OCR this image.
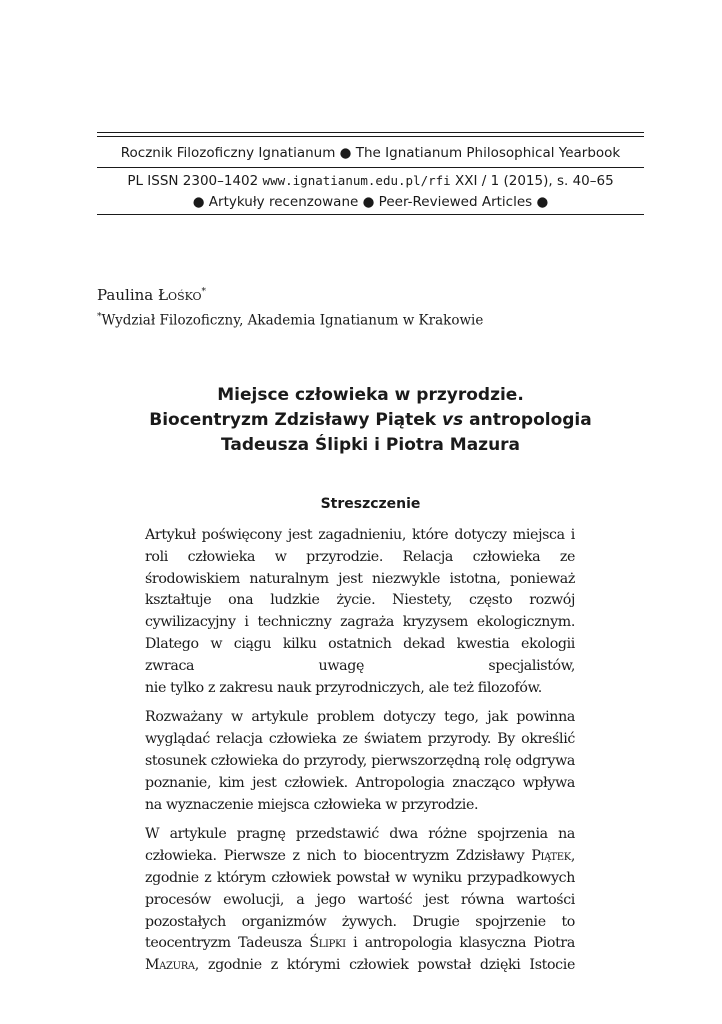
Rocznik Filozoficzny Ignatianum ● The Ignatianum Philosophical Yearbook
PL ISSN 2300–1402 www.ignatianum.edu.pl/rfi XXI / 1 (2015), s. 40–65
● Artykuły recenzowane ● Peer-Reviewed Articles ●
Paulina Łośko*
*Wydział Filozoficzny, Akademia Ignatianum w Krakowie
Miejsce człowieka w przyrodzie.
Biocentryzm Zdzisławy Piątek vs antropologia
Tadeusza Ślipki i Piotra Mazura
Streszczenie

Artykuł poświęcony jest zagadnieniu, które dotyczy miejsca i roli człowieka w przyrodzie. Relacja człowieka ze środowiskiem naturalnym jest niezwykle istotna, ponieważ kształtuje ona ludzkie życie. Niestety, często rozwój cywilizacyjny i techniczny zagraża kryzysem ekologicznym. Dlatego w ciągu kilku ostatnich dekad kwestia ekologii zwraca uwagę specjalistów,
nie tylko z zakresu nauk przyrodniczych, ale też filozofów.

Rozważany w artykule problem dotyczy tego, jak powinna wyglądać relacja człowieka ze światem przyrody. By określić stosunek człowieka do przyrody, pierwszorzędną rolę odgrywa poznanie, kim jest człowiek. Antropologia znacząco wpływa
na wyznaczenie miejsca człowieka w przyrodzie.

W artykule pragnę przedstawić dwa różne spojrzenia na człowieka. Pierwsze z nich to biocentryzm Zdzisławy Piątek, zgodnie z którym człowiek powstał w wyniku przypadkowych procesów ewolucji, a jego wartość jest równa wartości pozostałych organizmów żywych. Drugie spojrzenie to teocentryzm Tadeusza Ślipki i antropologia klasyczna Piotra Mazura, zgodnie z którymi człowiek powstał dzięki Istocie
